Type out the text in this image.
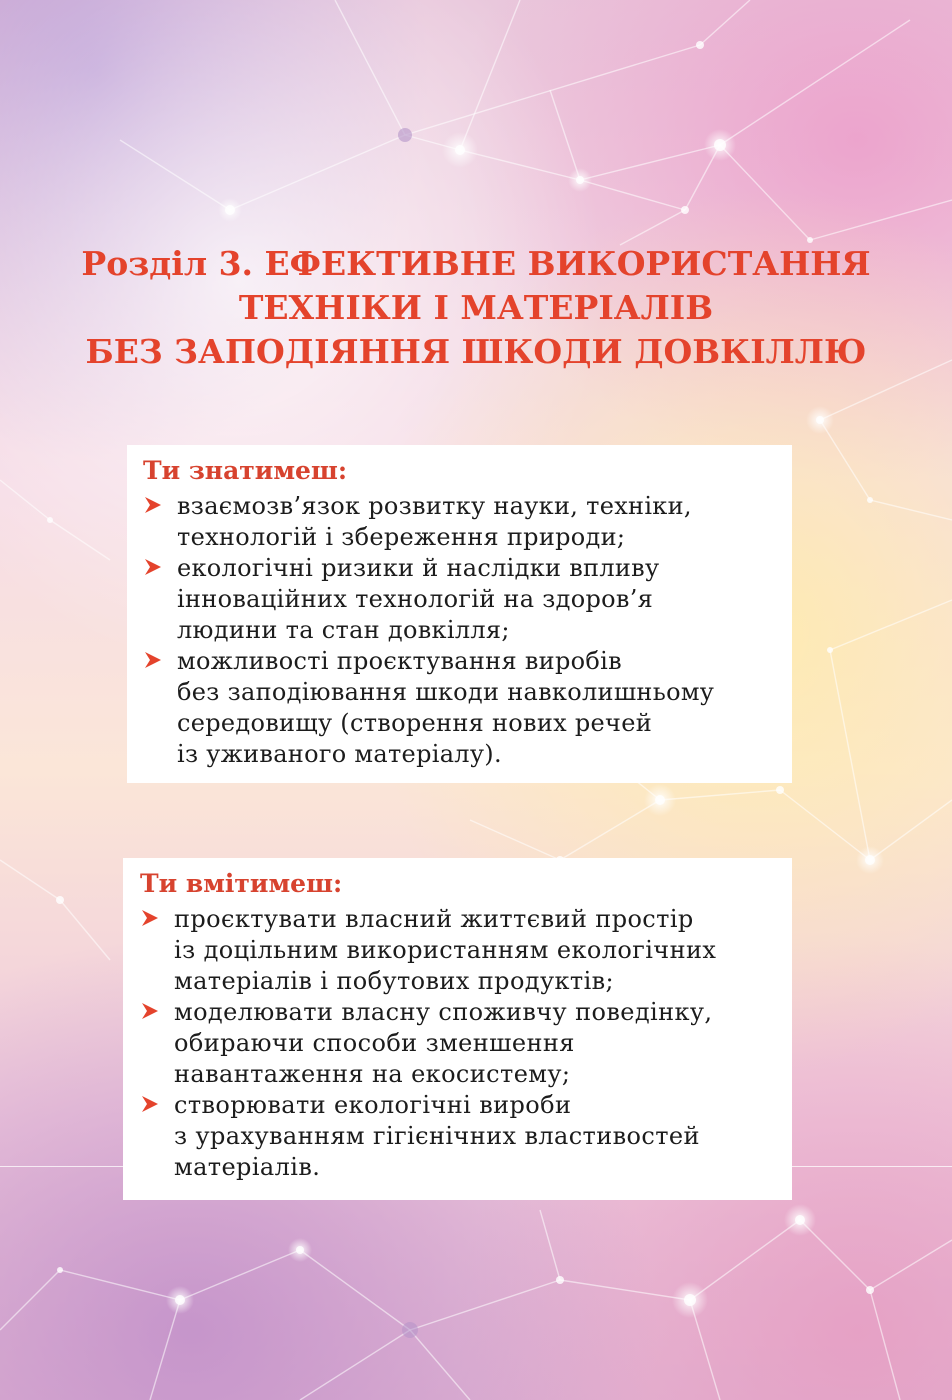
Розділ 3. ЕФЕКТИВНЕ ВИКОРИСТАННЯ
ТЕХНІКИ І МАТЕРІАЛІВ
БЕЗ ЗАПОДІЯННЯ ШКОДИ ДОВКІЛЛЮ
Ти знатимеш:
взаємозв’язок розвитку науки, техніки,
технологій і збереження природи;
екологічні ризики й наслідки впливу
інноваційних технологій на здоров’я
людини та стан довкілля;
можливості проєктування виробів
без заподіювання шкоди навколишньому
середовищу (створення нових речей
із уживаного матеріалу).
Ти вмітимеш:
проєктувати власний життєвий простір
із доцільним використанням екологічних
матеріалів і побутових продуктів;
моделювати власну споживчу поведінку,
обираючи способи зменшення
навантаження на екосистему;
створювати екологічні вироби
з урахуванням гігієнічних властивостей
матеріалів.
